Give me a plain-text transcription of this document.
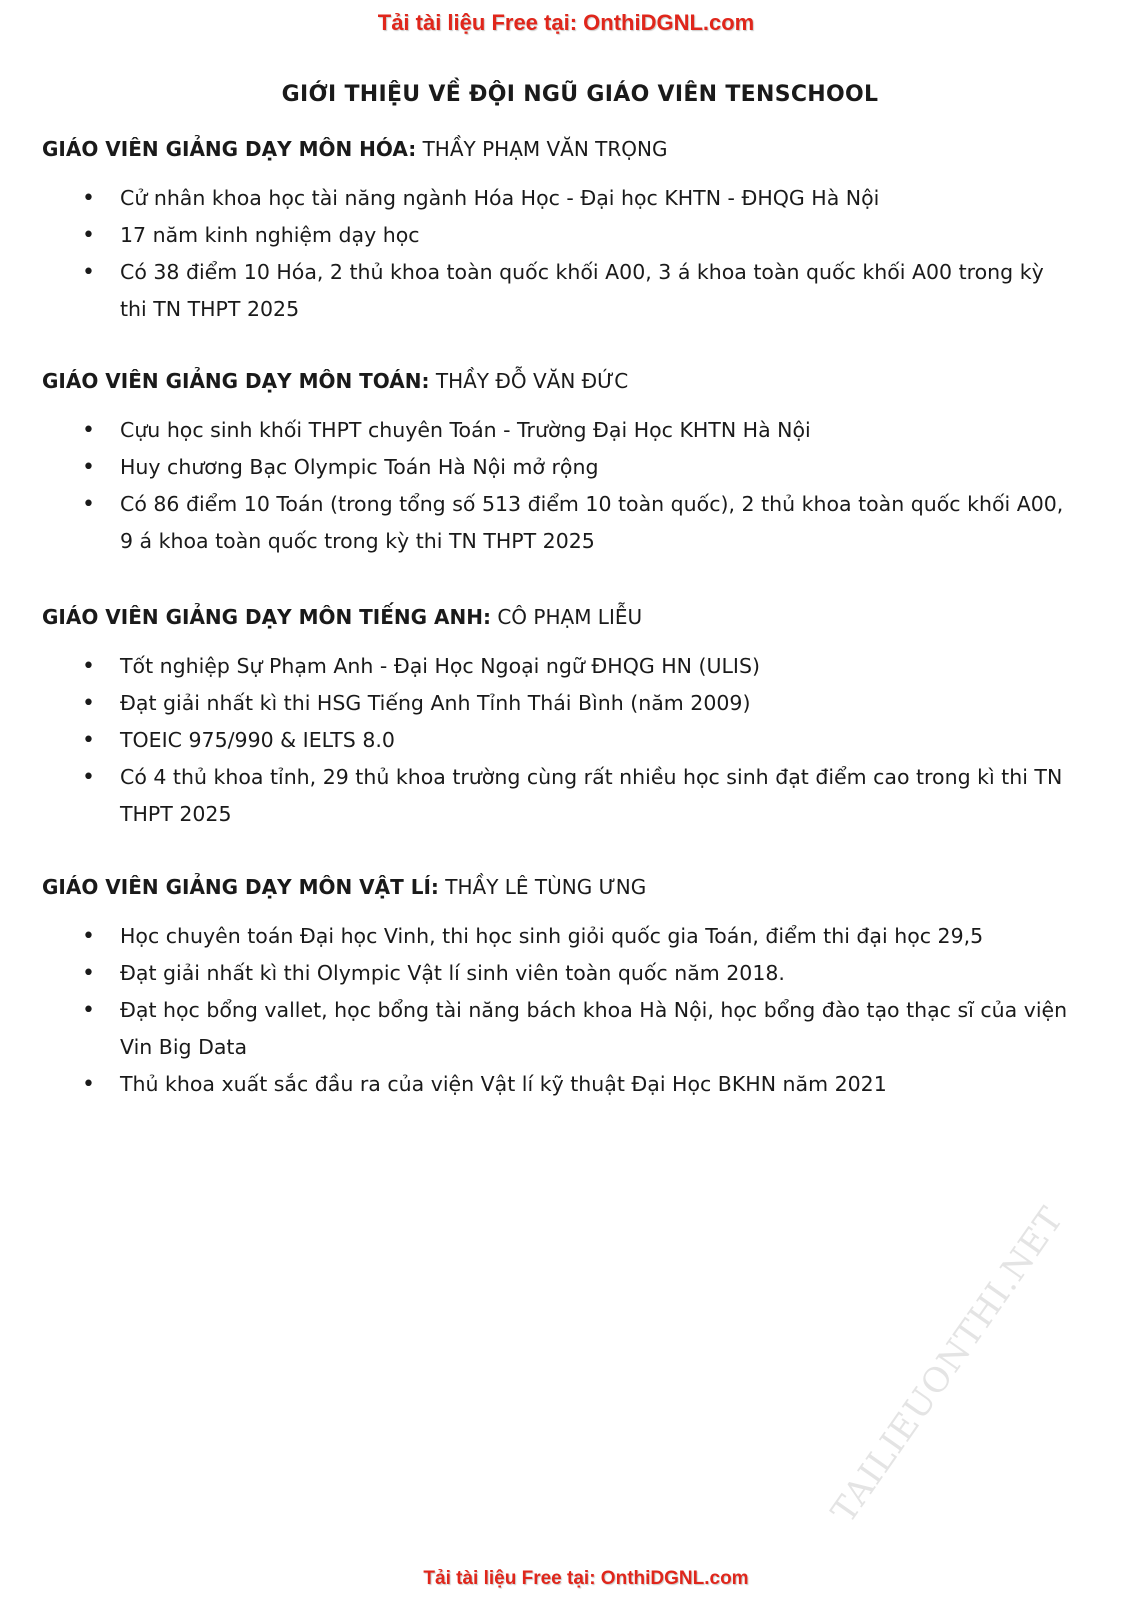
Tải tài liệu Free tại: OnthiDGNL.com
GIỚI THIỆU VỀ ĐỘI NGŨ GIÁO VIÊN TENSCHOOL

GIÁO VIÊN GIẢNG DẠY MÔN HÓA: THẦY PHẠM VĂN TRỌNG

• Cử nhân khoa học tài năng ngành Hóa Học - Đại học KHTN - ĐHQG Hà Nội
• 17 năm kinh nghiệm dạy học
• Có 38 điểm 10 Hóa, 2 thủ khoa toàn quốc khối A00, 3 á khoa toàn quốc khối A00 trong kỳ thi TN THPT 2025

GIÁO VIÊN GIẢNG DẠY MÔN TOÁN: THẦY ĐỖ VĂN ĐỨC

• Cựu học sinh khối THPT chuyên Toán - Trường Đại Học KHTN Hà Nội
• Huy chương Bạc Olympic Toán Hà Nội mở rộng
• Có 86 điểm 10 Toán (trong tổng số 513 điểm 10 toàn quốc), 2 thủ khoa toàn quốc khối A00, 9 á khoa toàn quốc trong kỳ thi TN THPT 2025

GIÁO VIÊN GIẢNG DẠY MÔN TIẾNG ANH: CÔ PHẠM LIỄU

• Tốt nghiệp Sự Phạm Anh - Đại Học Ngoại ngữ ĐHQG HN (ULIS)
• Đạt giải nhất kì thi HSG Tiếng Anh Tỉnh Thái Bình (năm 2009)
• TOEIC 975/990 & IELTS 8.0
• Có 4 thủ khoa tỉnh, 29 thủ khoa trường cùng rất nhiều học sinh đạt điểm cao trong kì thi TN THPT 2025

GIÁO VIÊN GIẢNG DẠY MÔN VẬT LÍ: THẦY LÊ TÙNG ƯNG

• Học chuyên toán Đại học Vinh, thi học sinh giỏi quốc gia Toán, điểm thi đại học 29,5
• Đạt giải nhất kì thi Olympic Vật lí sinh viên toàn quốc năm 2018.
• Đạt học bổng vallet, học bổng tài năng bách khoa Hà Nội, học bổng đào tạo thạc sĩ của viện Vin Big Data
• Thủ khoa xuất sắc đầu ra của viện Vật lí kỹ thuật Đại Học BKHN năm 2021
TAILIEUONTHI.NET
Tải tài liệu Free tại: OnthiDGNL.com
